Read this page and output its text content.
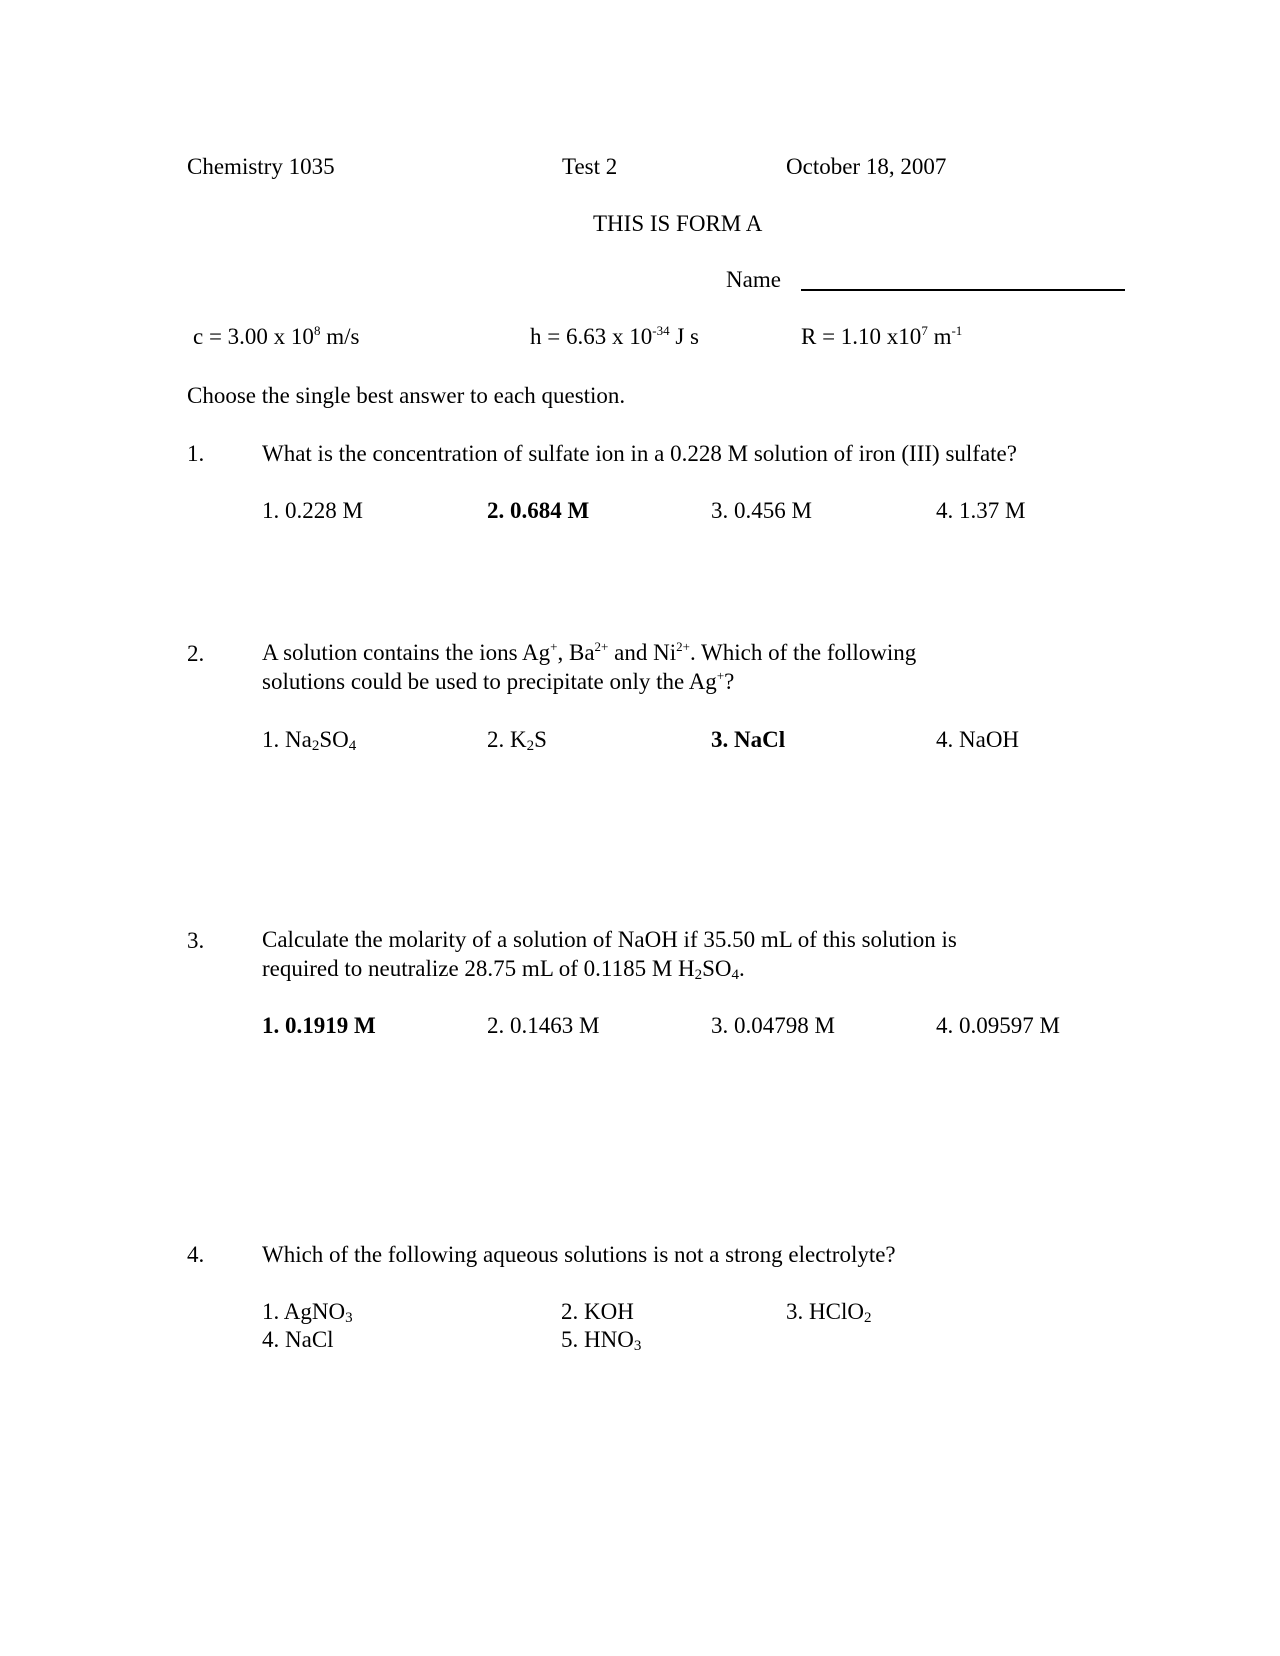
Chemistry 1035	Test 2	October 18, 2007
THIS IS FORM A
Name
c = 3.00 x $10^8$ m/s	h = 6.63 x $10^{-34}$ J s	R = 1.10 $x10^7$ $m^{-1}$
Choose the single best answer to each question.
1.	What is the concentration of sulfate ion in a 0.228 M solution of iron (III) sulfate?
1. 0.228 M	2. 0.684 M	3. 0.456 M	4. 1.37 M
2.	A solution contains the ions Ag+, $Ba^{2+}$ and $Ni^{2+}$. Which of the following
solutions could be used to precipitate only the Ag+?
1. $Na_2SO_4$	2. $K_2S$	3. NaCl	4. NaOH
3.	Calculate the molarity of a solution of NaOH if 35.50 mL of this solution is
required to neutralize 28.75 mL of 0.1185 M $H_2SO_4$.
1. 0.1919 M	2. 0.1463 M	3. 0.04798 M	4. 0.09597 M
4.	Which of the following aqueous solutions is not a strong electrolyte?
1. AgNO$_3$	2. KOH	3. HClO$_2$
4. NaCl	5. $HNO_3$
